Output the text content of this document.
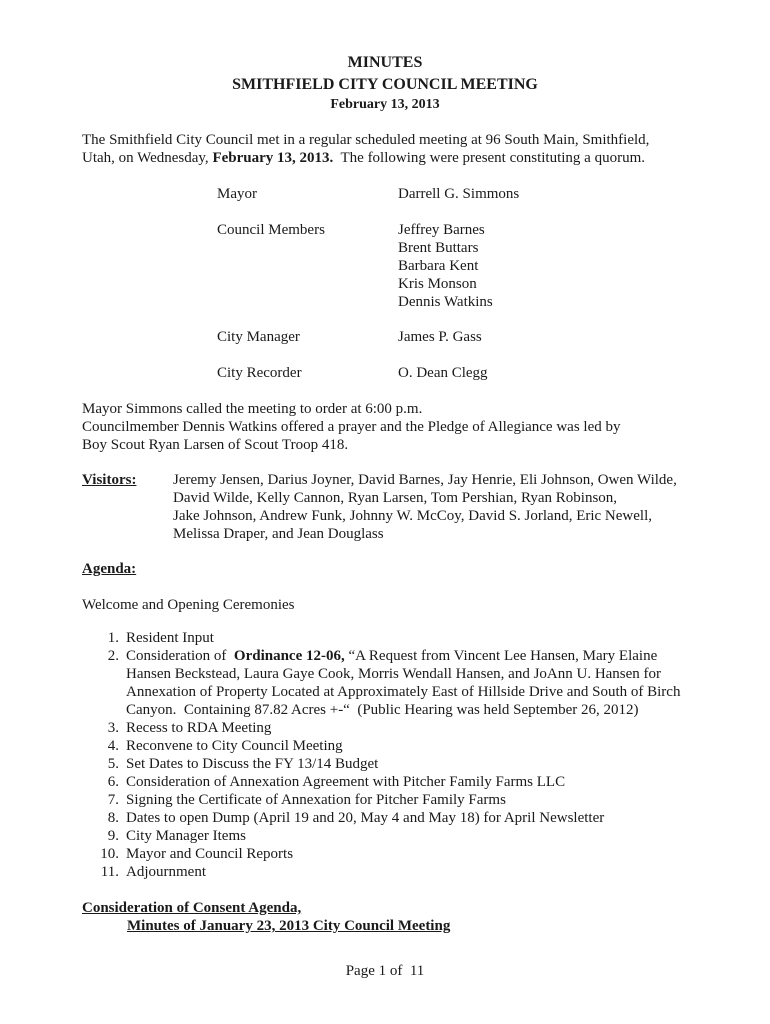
MINUTES
SMITHFIELD CITY COUNCIL MEETING
February 13, 2013
The Smithfield City Council met in a regular scheduled meeting at 96 South Main, Smithfield,
Utah, on Wednesday, February 13, 2013.  The following were present constituting a quorum.
Mayor	Darrell G. Simmons
Council Members	Jeffrey Barnes
Brent Buttars
Barbara Kent
Kris Monson
Dennis Watkins
City Manager	James P. Gass
City Recorder	O. Dean Clegg
Mayor Simmons called the meeting to order at 6:00 p.m.
Councilmember Dennis Watkins offered a prayer and the Pledge of Allegiance was led by
Boy Scout Ryan Larsen of Scout Troop 418.
Visitors: Jeremy Jensen, Darius Joyner, David Barnes, Jay Henrie, Eli Johnson, Owen Wilde,
David Wilde, Kelly Cannon, Ryan Larsen, Tom Pershian, Ryan Robinson,
Jake Johnson, Andrew Funk, Johnny W. McCoy, David S. Jorland, Eric Newell,
Melissa Draper, and Jean Douglass
Agenda:
Welcome and Opening Ceremonies
1. Resident Input
2. Consideration of  Ordinance 12-06, “A Request from Vincent Lee Hansen, Mary Elaine
Hansen Beckstead, Laura Gaye Cook, Morris Wendall Hansen, and JoAnn U. Hansen for
Annexation of Property Located at Approximately East of Hillside Drive and South of Birch
Canyon.  Containing 87.82 Acres +-“  (Public Hearing was held September 26, 2012)
3. Recess to RDA Meeting
4. Reconvene to City Council Meeting
5. Set Dates to Discuss the FY 13/14 Budget
6. Consideration of Annexation Agreement with Pitcher Family Farms LLC
7. Signing the Certificate of Annexation for Pitcher Family Farms
8. Dates to open Dump (April 19 and 20, May 4 and May 18) for April Newsletter
9. City Manager Items
10. Mayor and Council Reports
11. Adjournment
Consideration of Consent Agenda,
Minutes of January 23, 2013 City Council Meeting
Page 1 of  11
